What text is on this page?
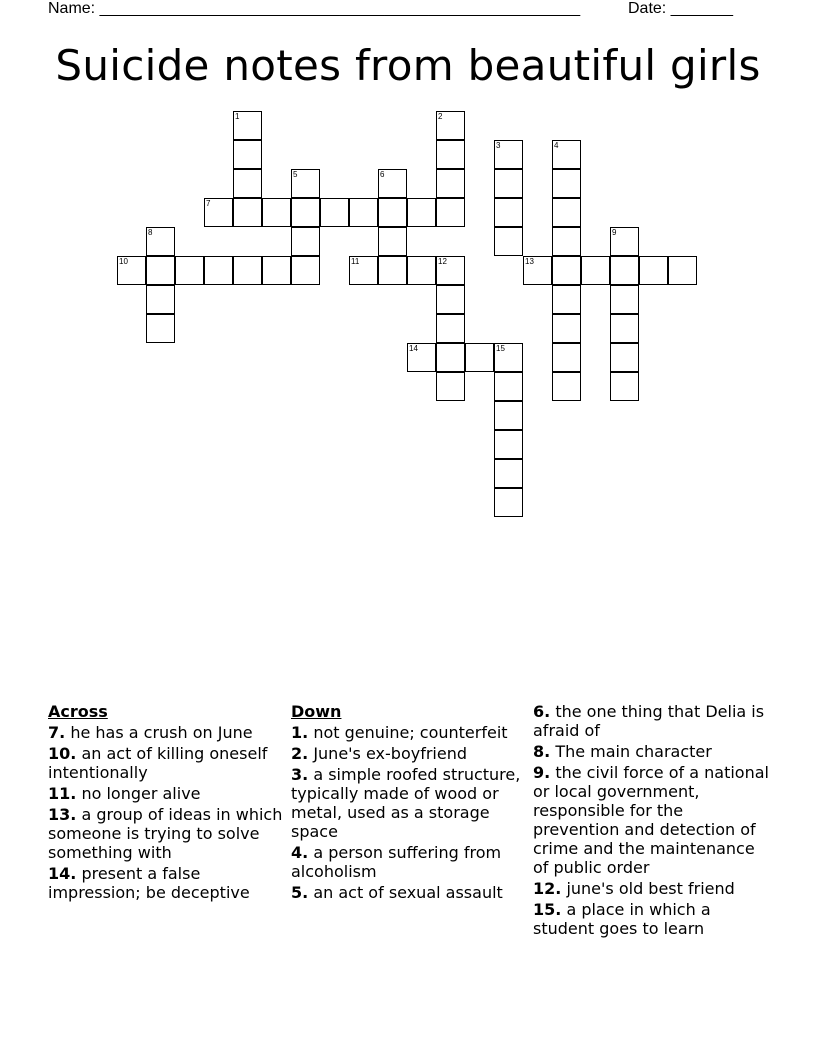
Name: ______________________________________________________	Date: _______
Suicide notes from beautiful girls
1	2
3	4
5	6
7
8	9
10	11	12	13
14	15
Across
7. he has a crush on June
10. an act of killing oneself intentionally
11. no longer alive
13. a group of ideas in which someone is trying to solve something with
14. present a false impression; be deceptive
Down
1. not genuine; counterfeit
2. June's ex-boyfriend
3. a simple roofed structure, typically made of wood or metal, used as a storage space
4. a person suffering from alcoholism
5. an act of sexual assault
6. the one thing that Delia is afraid of
8. The main character
9. the civil force of a national or local government, responsible for the prevention and detection of crime and the maintenance of public order
12. june's old best friend
15. a place in which a student goes to learn
